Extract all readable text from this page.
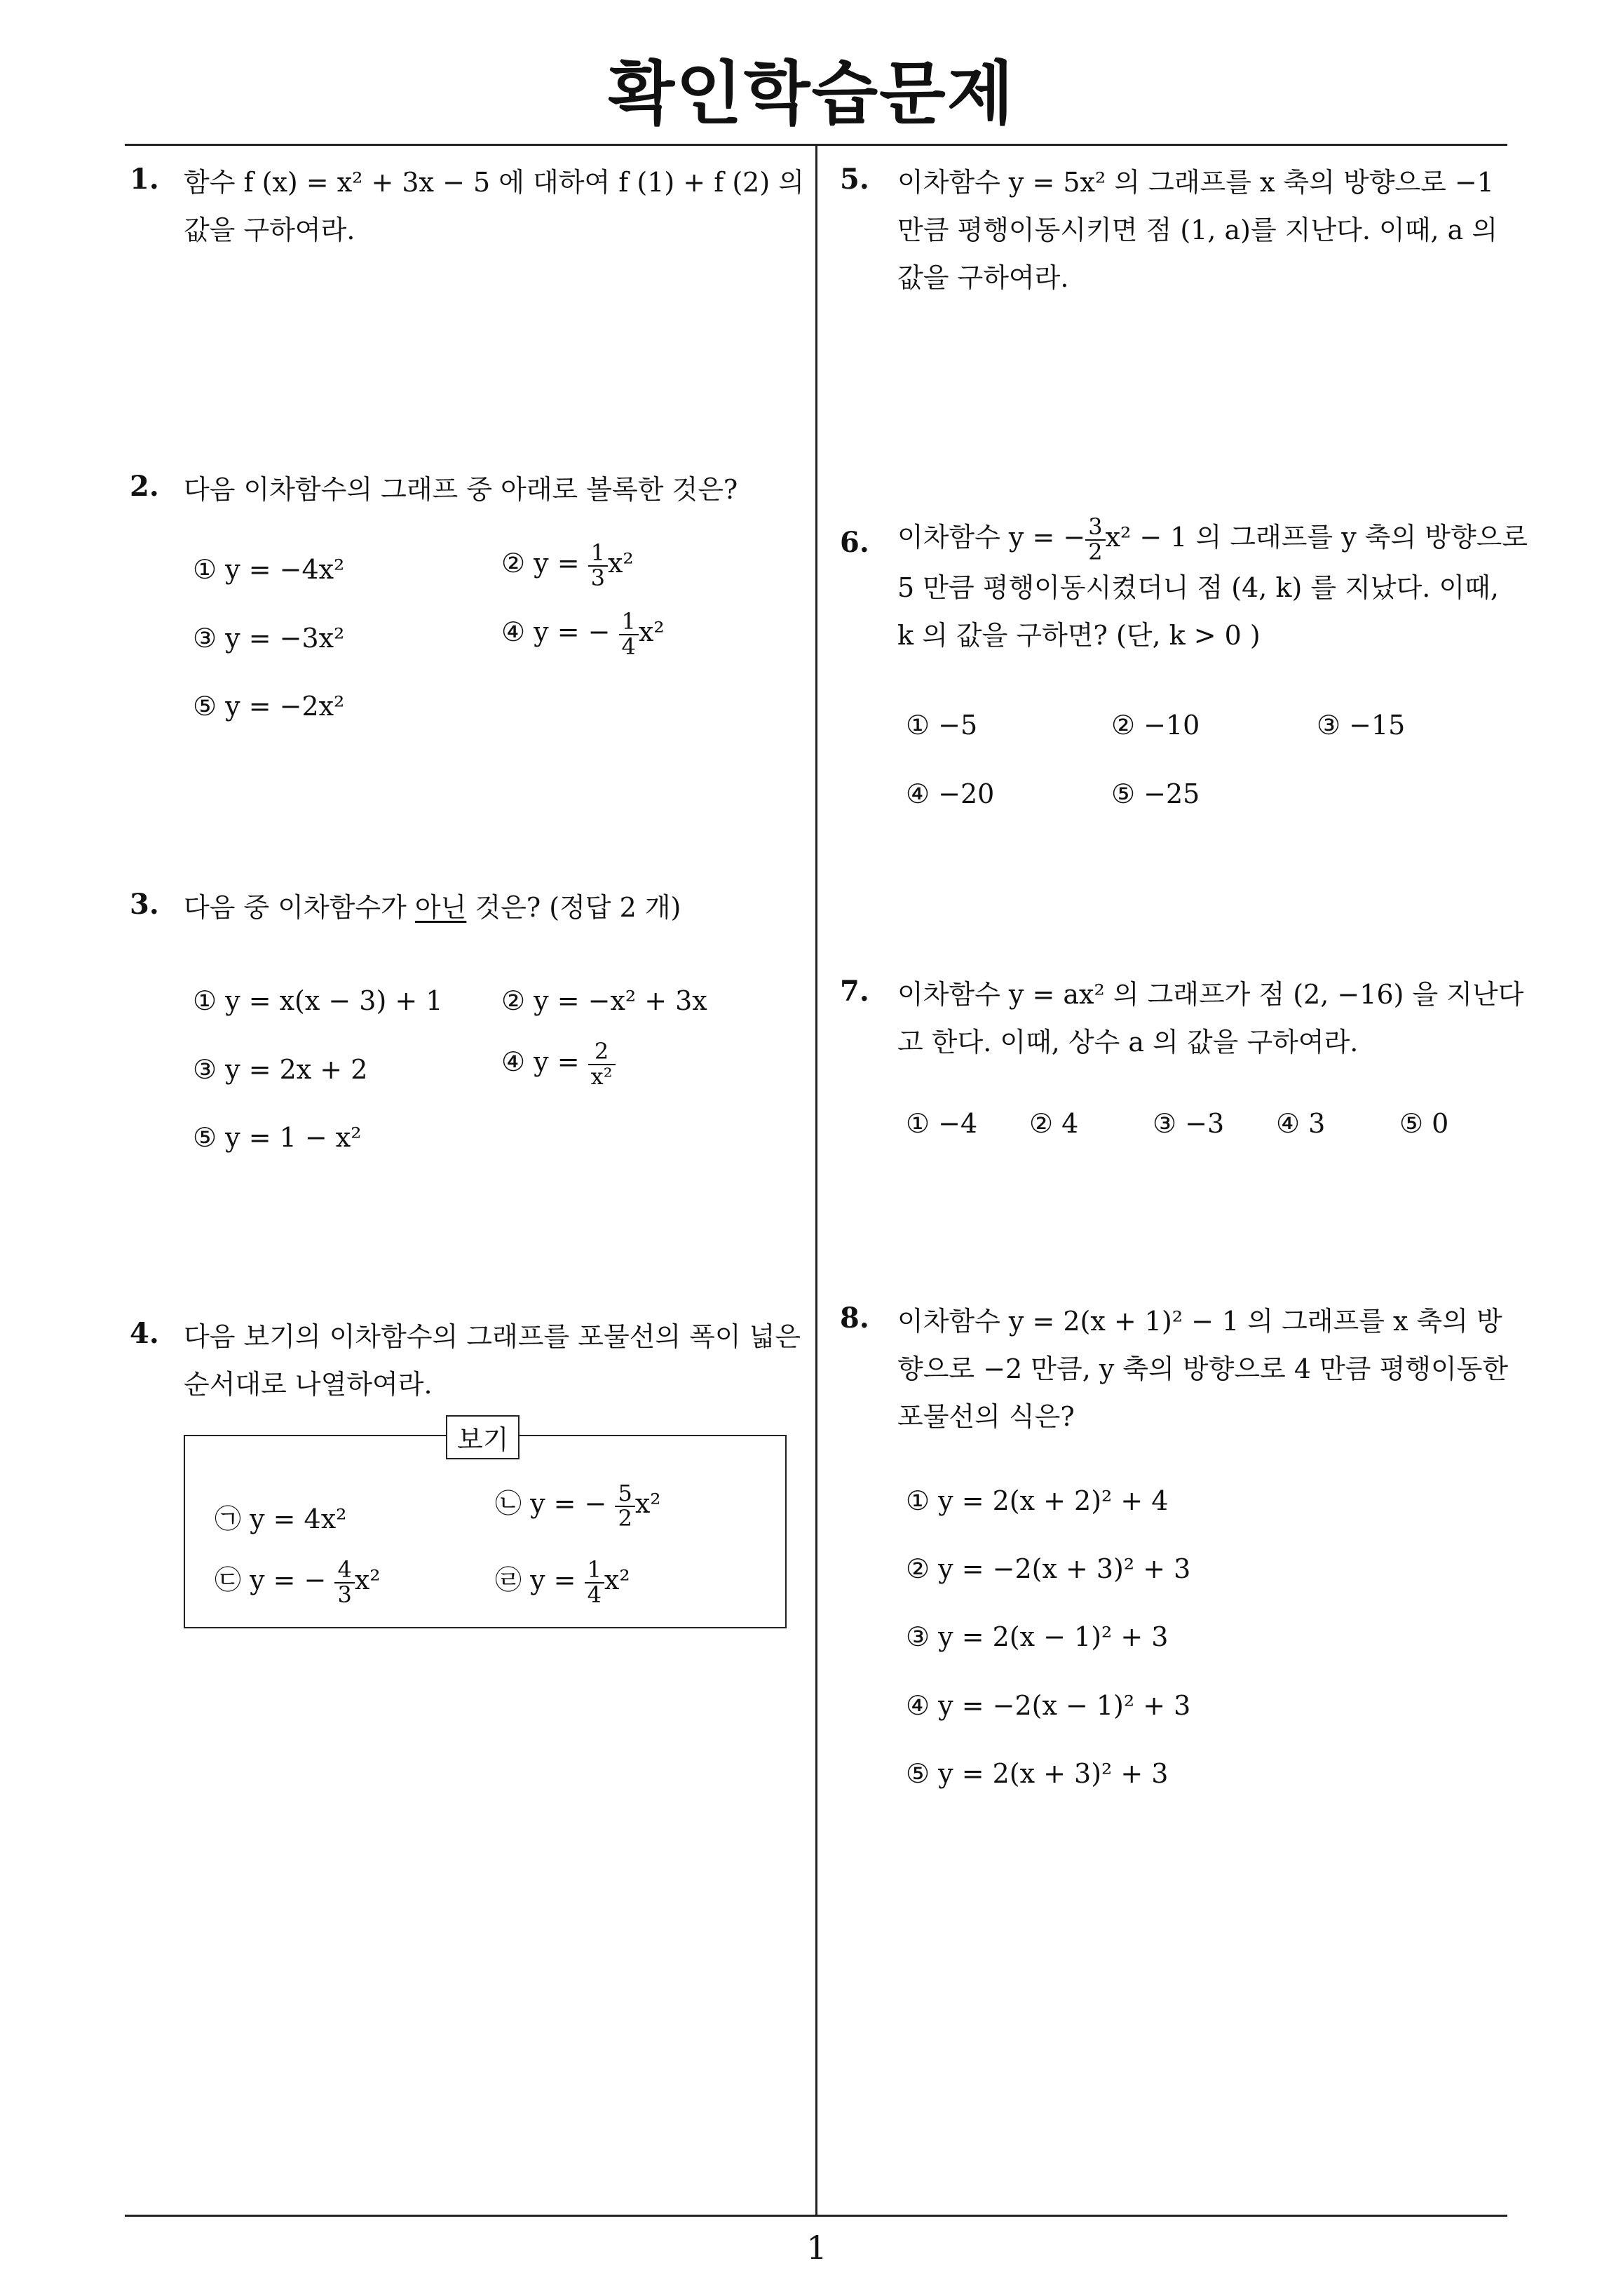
확인학습문제
1
1. 함수 f (x) = x² + 3x − 5 에 대하여 f (1) + f (2) 의
값을 구하여라.
2. 다음 이차함수의 그래프 중 아래로 볼록한 것은?
① y = −4x²	② $y = \frac{1}{3} x^2$
③ y = −3x²	④ y = − $\frac{1}{4} x^2$
⑤ y = −2x²
3. 다음 중 이차함수가 아닌 것은? (정답 2 개)
① y = x(x − 3) + 1 ② y = −x² + 3x
③ y = 2x + 2	④ $y = \frac{2}{\text{x²}}$
⑤ y = 1 − x²
4. 다음 보기의 이차함수의 그래프를 포물선의 폭이 넓은
순서대로 나열하여라.
보기
㉠ y = 4x²	㉡ y = − $\frac{5}{2} x^2$
㉢ y = − $\frac{4}{3} x^2$	㉣ $y = \frac{1}{4} x^2$
5. 이차함수 y = 5x² 의 그래프를 x 축의 방향으로 −1
만큼 평행이동시키면 점 (1, a)를 지난다. 이때, a 의
값을 구하여라.
6. 이차함수 y = − $\frac{3}{2} x^2 - 1$ 의 그래프를 y 축의 방향으로
5 만큼 평행이동시켰더니 점 (4, k) 를 지났다. 이때,
k 의 값을 구하면? (단, k > 0 )
① −5	② −10	③ −15
④ −20	⑤ −25
7. 이차함수 y = ax² 의 그래프가 점 (2, −16) 을 지난다
고 한다. 이때, 상수 a 의 값을 구하여라.
① −4 ② 4	③ −3 ④ 3	⑤ 0
8. 이차함수 y = 2(x + 1)² − 1 의 그래프를 x 축의 방
향으로 −2 만큼, y 축의 방향으로 4 만큼 평행이동한
포물선의 식은?
① y = 2(x + 2)² + 4
② y = −2(x + 3)² + 3
③ y = 2(x − 1)² + 3
④ y = −2(x − 1)² + 3
⑤ y = 2(x + 3)² + 3
